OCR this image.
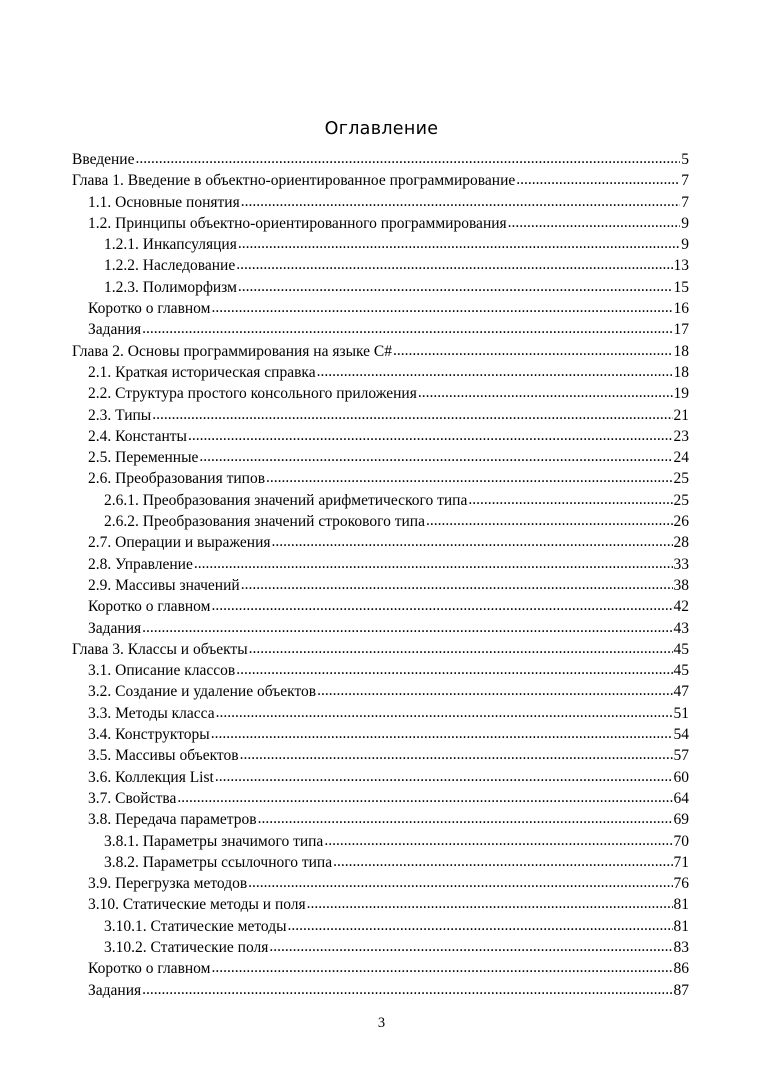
Оглавление
Введение .....	5
Глава 1. Введение в объектно-ориентированное программирование .....	7
1.1. Основные понятия .....	7
1.2. Принципы объектно-ориентированного программирования .....	9
1.2.1. Инкапсуляция .....	9
1.2.2. Наследование .....	13
1.2.3. Полиморфизм .....	15
Коротко о главном .....	16
Задания .....	17
Глава 2. Основы программирования на языке C# .....	18
2.1. Краткая историческая справка .....	18
2.2. Структура простого консольного приложения .....	19
2.3. Типы .....	21
2.4. Константы .....	23
2.5. Переменные .....	24
2.6. Преобразования типов .....	25
2.6.1. Преобразования значений арифметического типа .....	25
2.6.2. Преобразования значений строкового типа .....	26
2.7. Операции и выражения .....	28
2.8. Управление .....	33
2.9. Массивы значений .....	38
Коротко о главном .....	42
Задания .....	43
Глава 3. Классы и объекты .....	45
3.1. Описание классов .....	45
3.2. Создание и удаление объектов .....	47
3.3. Методы класса .....	51
3.4. Конструкторы .....	54
3.5. Массивы объектов .....	57
3.6. Коллекция List .....	60
3.7. Свойства .....	64
3.8. Передача параметров .....	69
3.8.1. Параметры значимого типа .....	70
3.8.2. Параметры ссылочного типа .....	71
3.9. Перегрузка методов .....	76
3.10. Статические методы и поля .....	81
3.10.1. Статические методы .....	81
3.10.2. Статические поля .....	83
Коротко о главном .....	86
Задания .....	87
3
